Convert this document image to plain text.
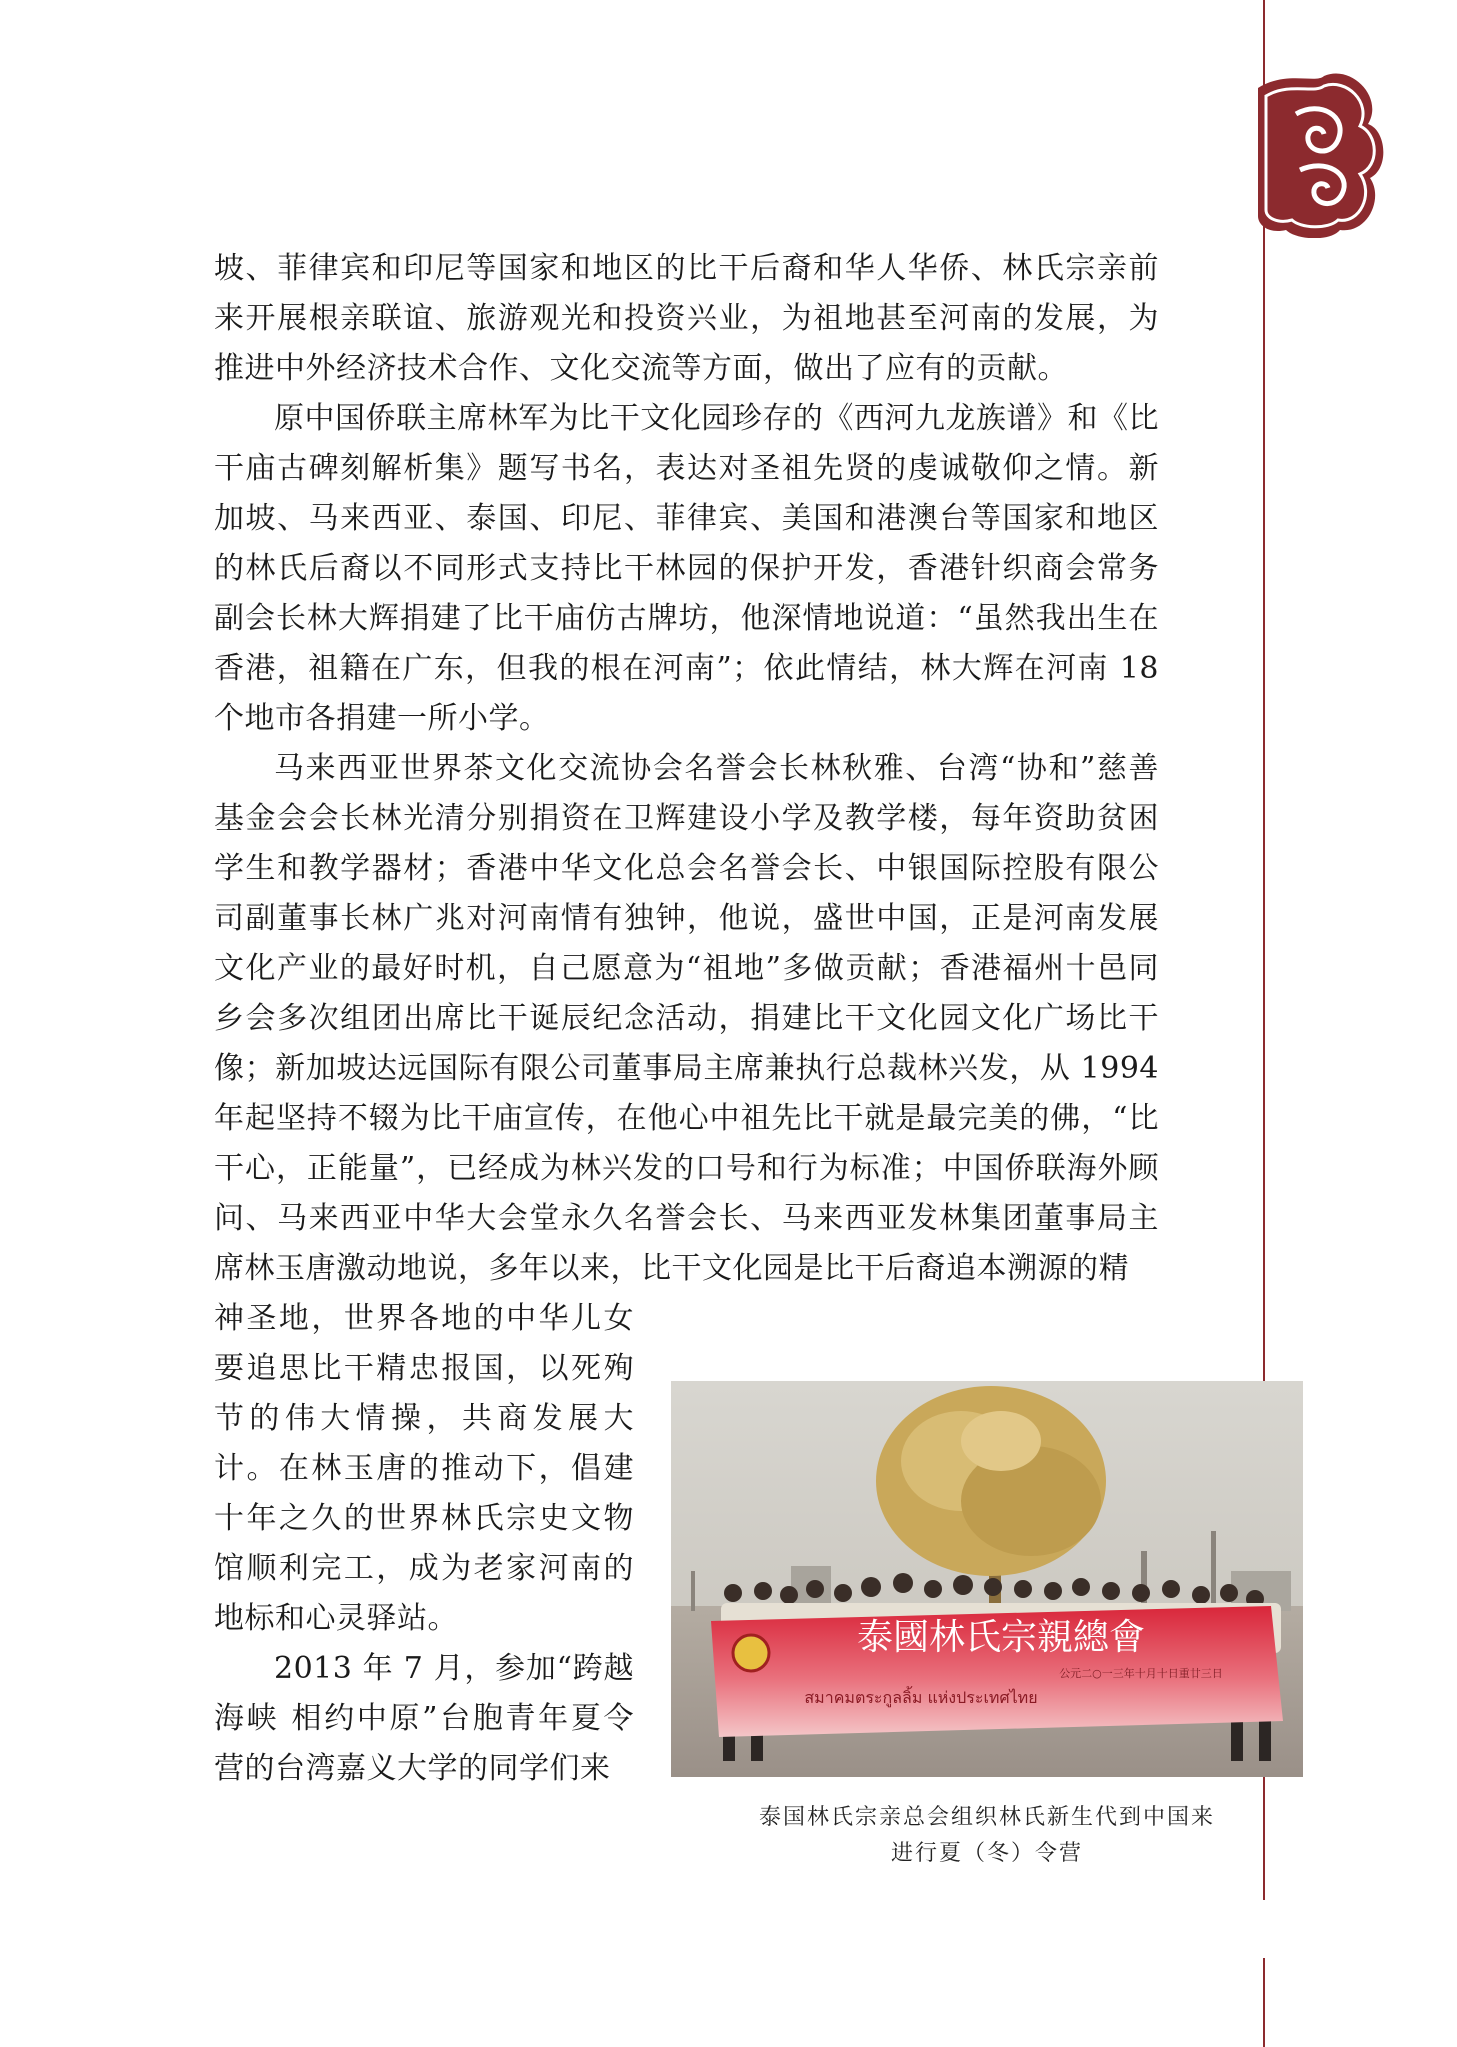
坡、菲律宾和印尼等国家和地区的比干后裔和华人华侨、林氏宗亲前来开展根亲联谊、旅游观光和投资兴业，为祖地甚至河南的发展，为推进中外经济技术合作、文化交流等方面，做出了应有的贡献。

原中国侨联主席林军为比干文化园珍存的《西河九龙族谱》和《比干庙古碑刻解析集》题写书名，表达对圣祖先贤的虔诚敬仰之情。新加坡、马来西亚、泰国、印尼、菲律宾、美国和港澳台等国家和地区的林氏后裔以不同形式支持比干林园的保护开发，香港针织商会常务副会长林大辉捐建了比干庙仿古牌坊，他深情地说道：“虽然我出生在香港，祖籍在广东，但我的根在河南”；依此情结，林大辉在河南 18 个地市各捐建一所小学。

马来西亚世界茶文化交流协会名誉会长林秋雅、台湾“协和”慈善基金会会长林光清分别捐资在卫辉建设小学及教学楼，每年资助贫困学生和教学器材；香港中华文化总会名誉会长、中银国际控股有限公司副董事长林广兆对河南情有独钟，他说，盛世中国，正是河南发展文化产业的最好时机，自己愿意为“祖地”多做贡献；香港福州十邑同乡会多次组团出席比干诞辰纪念活动，捐建比干文化园文化广场比干像；新加坡达远国际有限公司董事局主席兼执行总裁林兴发，从 1994 年起坚持不辍为比干庙宣传，在他心中祖先比干就是最完美的佛，“比干心，正能量”，已经成为林兴发的口号和行为标准；中国侨联海外顾问、马来西亚中华大会堂永久名誉会长、马来西亚发林集团董事局主席林玉唐激动地说，多年以来，比干文化园是比干后裔追本溯源的精

神圣地，世界各地的中华儿女要追思比干精忠报国，以死殉节的伟大情操，共商发展大计。在林玉唐的推动下，倡建十年之久的世界林氏宗史文物馆顺利完工，成为老家河南的地标和心灵驿站。

2013 年 7 月，参加“跨越海峡 相约中原”台胞青年夏令营的台湾嘉义大学的同学们来

泰國林氏宗親總會
公元二○一三年十月十日重廿三日
สมาคมตระกูลลิ้ม แห่งประเทศไทย
泰国林氏宗亲总会组织林氏新生代到中国来
进行夏（冬）令营
